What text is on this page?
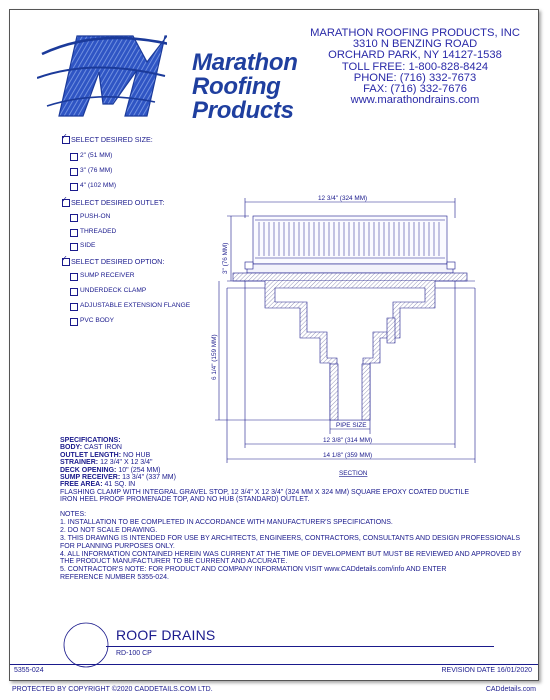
Marathon
Roofing
Products
MARATHON ROOFING PRODUCTS, INC
3310 N BENZING ROAD
ORCHARD PARK, NY 14127-1538
TOLL FREE: 1-800-828-8424
PHONE: (716) 332-7673
FAX: (716) 332-7676
www.marathondrains.com
✓ SELECT DESIRED SIZE:
2" (51 MM)
3" (76 MM)
4" (102 MM)
✓ SELECT DESIRED OUTLET:
PUSH-ON
THREADED
SIDE
✓ SELECT DESIRED OPTION:
SUMP RECEIVER
UNDERDECK CLAMP
ADJUSTABLE EXTENSION FLANGE
PVC BODY
12 3/4" (324 MM)
3" (76 MM)
6 1/4" (159 MM)
PIPE SIZE
12 3/8" (314 MM)
14 1/8" (359 MM)
SECTION
SPECIFICATIONS:
BODY: CAST IRON
OUTLET LENGTH: NO HUB
STRAINER: 12 3/4" X 12 3/4"
DECK OPENING: 10" (254 MM)
SUMP RECEIVER: 13 3/4" (337 MM)
FREE AREA: 41 SQ. IN
FLASHING CLAMP WITH INTEGRAL GRAVEL STOP, 12 3/4" X 12 3/4" (324 MM X 324 MM) SQUARE EPOXY COATED DUCTILE
IRON HEEL PROOF PROMENADE TOP, AND NO HUB (STANDARD) OUTLET.
NOTES:
1. INSTALLATION TO BE COMPLETED IN ACCORDANCE WITH MANUFACTURER'S SPECIFICATIONS.
2. DO NOT SCALE DRAWING.
3. THIS DRAWING IS INTENDED FOR USE BY ARCHITECTS, ENGINEERS, CONTRACTORS, CONSULTANTS AND DESIGN PROFESSIONALS
FOR PLANNING PURPOSES ONLY.
4. ALL INFORMATION CONTAINED HEREIN WAS CURRENT AT THE TIME OF DEVELOPMENT BUT MUST BE REVIEWED AND APPROVED BY
THE PRODUCT MANUFACTURER TO BE CURRENT AND ACCURATE.
5. CONTRACTOR'S NOTE: FOR PRODUCT AND COMPANY INFORMATION VISIT www.CADdetails.com/info AND ENTER
REFERENCE NUMBER 5355-024.
ROOF DRAINS
RD-100 CP
5355-024	REVISION DATE 16/01/2020
PROTECTED BY COPYRIGHT ©2020 CADDETAILS.COM LTD.	CADdetails.com
